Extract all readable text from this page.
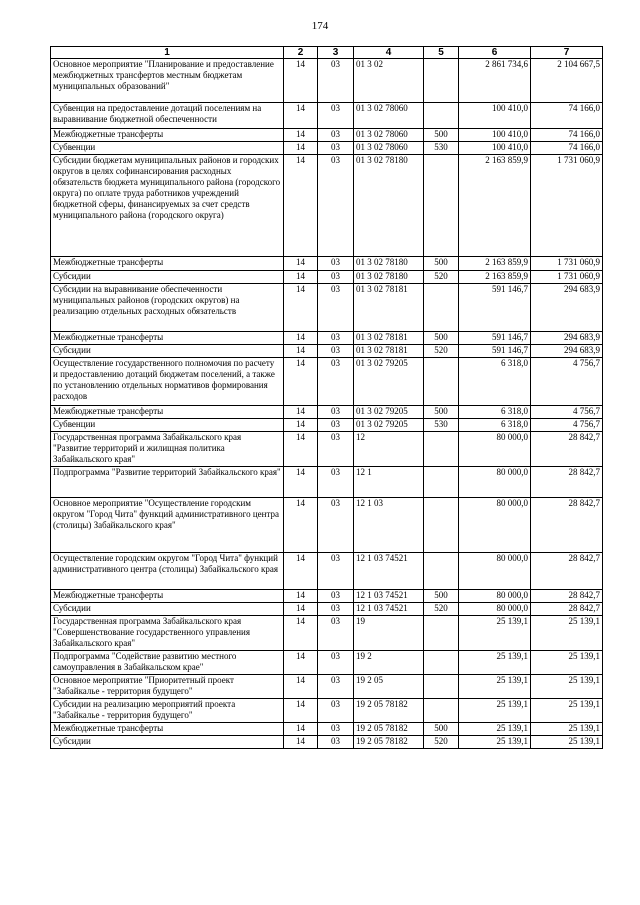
174
1	2	3	4	5	6	7
Основное мероприятие "Планирование и предоставление межбюджетных трансфертов местным бюджетам муниципальных образований"	14	03	01 3 02		2 861 734,6	2 104 667,5
Субвенция на предоставление дотаций поселениям на выравнивание бюджетной обеспеченности	14	03	01 3 02 78060		100 410,0	74 166,0
Межбюджетные трансферты	14	03	01 3 02 78060	500	100 410,0	74 166,0
Субвенции	14	03	01 3 02 78060	530	100 410,0	74 166,0
Субсидии бюджетам муниципальных районов и городских округов в целях софинансирования расходных обязательств бюджета муниципального района (городского округа) по оплате труда работников учреждений бюджетной сферы, финансируемых за счет средств муниципального района (городского округа)	14	03	01 3 02 78180		2 163 859,9	1 731 060,9
Межбюджетные трансферты	14	03	01 3 02 78180	500	2 163 859,9	1 731 060,9
Субсидии	14	03	01 3 02 78180	520	2 163 859,9	1 731 060,9
Субсидии на выравнивание обеспеченности муниципальных районов (городских округов) на реализацию отдельных расходных обязательств	14	03	01 3 02 78181		591 146,7	294 683,9
Межбюджетные трансферты	14	03	01 3 02 78181	500	591 146,7	294 683,9
Субсидии	14	03	01 3 02 78181	520	591 146,7	294 683,9
Осуществление государственного полномочия по расчету и предоставлению дотаций бюджетам поселений, а также по установлению отдельных нормативов формирования расходов	14	03	01 3 02 79205		6 318,0	4 756,7
Межбюджетные трансферты	14	03	01 3 02 79205	500	6 318,0	4 756,7
Субвенции	14	03	01 3 02 79205	530	6 318,0	4 756,7
Государственная программа Забайкальского края "Развитие территорий и жилищная политика Забайкальского края"	14	03	12		80 000,0	28 842,7
Подпрограмма "Развитие территорий Забайкальского края"	14	03	12 1		80 000,0	28 842,7
Основное мероприятие "Осуществление городским округом "Город Чита" функций административного центра (столицы) Забайкальского края"	14	03	12 1 03		80 000,0	28 842,7
Осуществление городским округом "Город Чита" функций административного центра (столицы) Забайкальского края	14	03	12 1 03 74521		80 000,0	28 842,7
Межбюджетные трансферты	14	03	12 1 03 74521	500	80 000,0	28 842,7
Субсидии	14	03	12 1 03 74521	520	80 000,0	28 842,7
Государственная программа Забайкальского края "Совершенствование государственного управления Забайкальского края"	14	03	19		25 139,1	25 139,1
Подпрограмма "Содействие развитию местного самоуправления в Забайкальском крае"	14	03	19 2		25 139,1	25 139,1
Основное мероприятие "Приоритетный проект "Забайкалье - территория будущего"	14	03	19 2 05		25 139,1	25 139,1
Субсидии на реализацию мероприятий проекта "Забайкалье - территория будущего"	14	03	19 2 05 78182		25 139,1	25 139,1
Межбюджетные трансферты	14	03	19 2 05 78182	500	25 139,1	25 139,1
Субсидии	14	03	19 2 05 78182	520	25 139,1	25 139,1
